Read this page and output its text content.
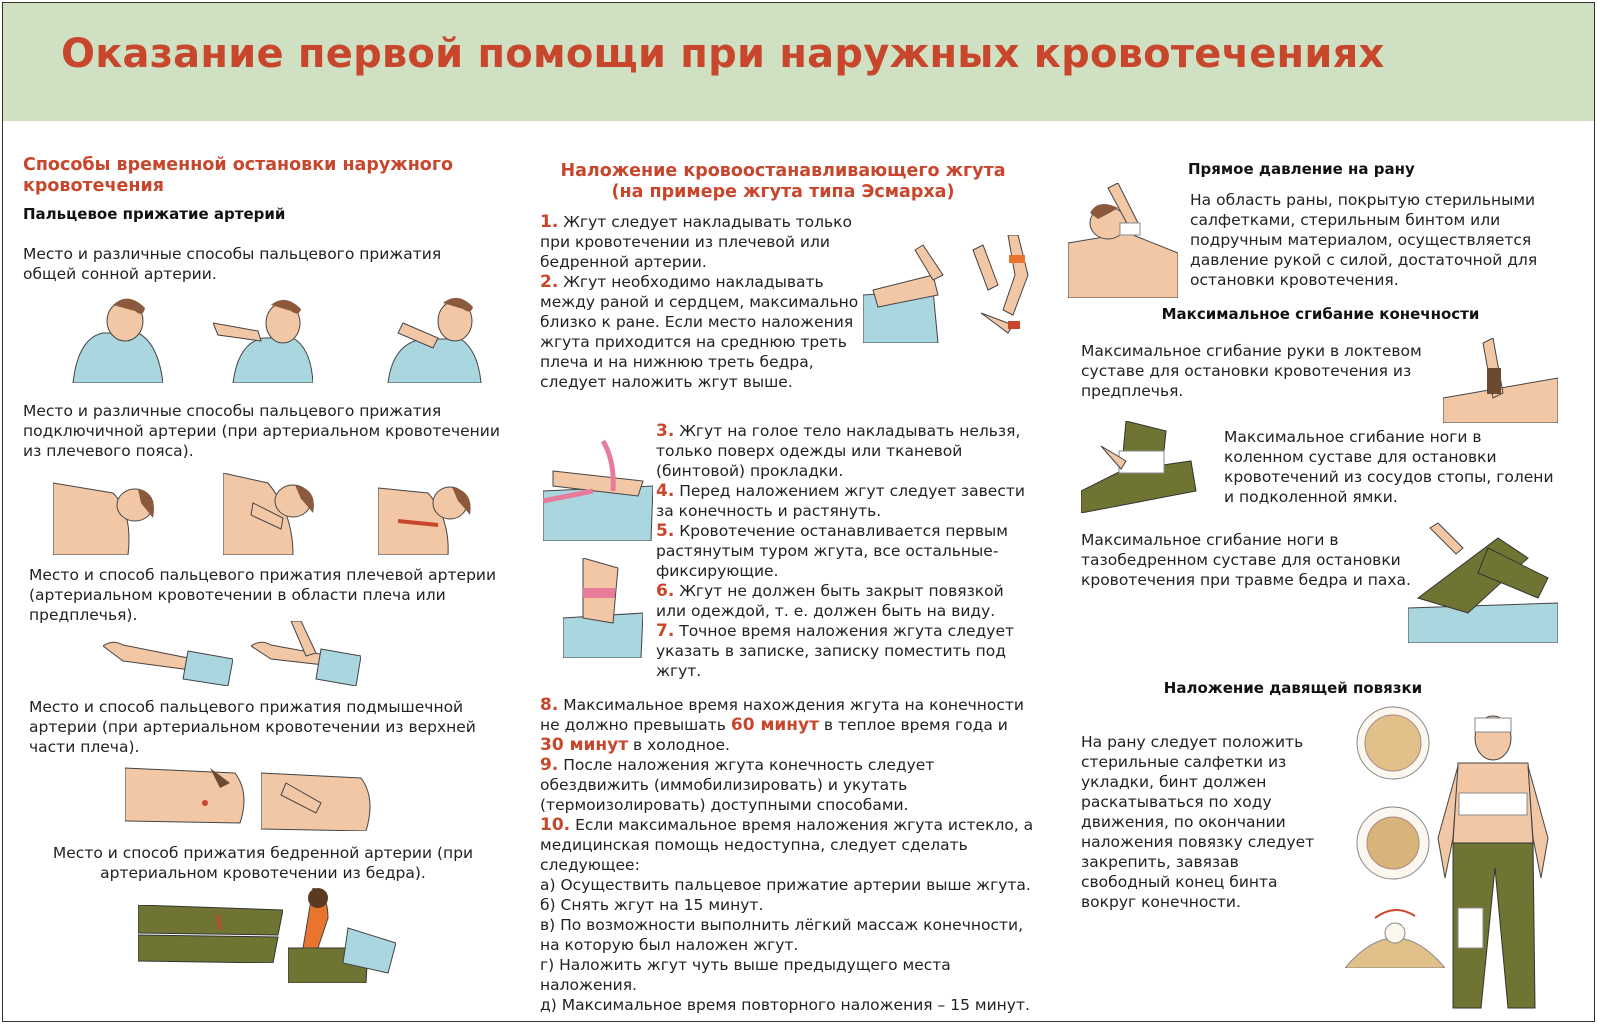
Оказание первой помощи при наружных кровотечениях
Способы временной остановки наружного кровотечения
Пальцевое прижатие артерий
Место и различные способы пальцевого прижатия общей сонной артерии.
Место и различные способы пальцевого прижатия подключичной артерии (при артериальном кровотечении из плечевого пояса).
Место и способ пальцевого прижатия плечевой артерии (артериальном кровотечении в области плеча или предплечья).
Место и способ пальцевого прижатия подмышечной артерии (при артериальном кровотечении из верхней части плеча).
Место и способ прижатия бедренной артерии (при артериальном кровотечении из бедра).
Наложение кровоостанавливающего жгута
(на примере жгута типа Эсмарха)
1. Жгут следует накладывать только при кровотечении из плечевой или бедренной артерии.
2. Жгут необходимо накладывать между раной и сердцем, максимально близко к ране. Если место наложения жгута приходится на среднюю треть плеча и на нижнюю треть бедра, следует наложить жгут выше.
3. Жгут на голое тело накладывать нельзя, только поверх одежды или тканевой (бинтовой) прокладки.
4. Перед наложением жгут следует завести за конечность и растянуть.
5. Кровотечение останавливается первым растянутым туром жгута, все остальные- фиксирующие.
6. Жгут не должен быть закрыт повязкой или одеждой, т. е. должен быть на виду.
7. Точное время наложения жгута следует указать в записке, записку поместить под жгут.
8. Максимальное время нахождения жгута на конечности не должно превышать 60 минут в теплое время года и 30 минут в холодное.
9. После наложения жгута конечность следует обездвижить (иммобилизировать) и укутать (термоизолировать) доступными способами.
10. Если максимальное время наложения жгута истекло, а медицинская помощь недоступна, следует сделать следующее:
а) Осуществить пальцевое прижатие артерии выше жгута.
б) Снять жгут на 15 минут.
в) По возможности выполнить лёгкий массаж конечности, на которую был наложен жгут.
г) Наложить жгут чуть выше предыдущего места наложения.
д) Максимальное время повторного наложения – 15 минут.
Прямое давление на рану
На область раны, покрытую стерильными салфетками, стерильным бинтом или подручным материалом, осуществляется давление рукой с силой, достаточной для остановки кровотечения.
Максимальное сгибание конечности
Максимальное сгибание руки в локтевом суставе для остановки кровотечения из предплечья.
Максимальное сгибание ноги в коленном суставе для остановки кровотечений из сосудов стопы, голени и подколенной ямки.
Максимальное сгибание ноги в тазобедренном суставе для остановки кровотечения при травме бедра и паха.
Наложение давящей повязки
На рану следует положить стерильные салфетки из укладки, бинт должен раскатываться по ходу движения, по окончании наложения повязку следует закрепить, завязав свободный конец бинта вокруг конечности.
